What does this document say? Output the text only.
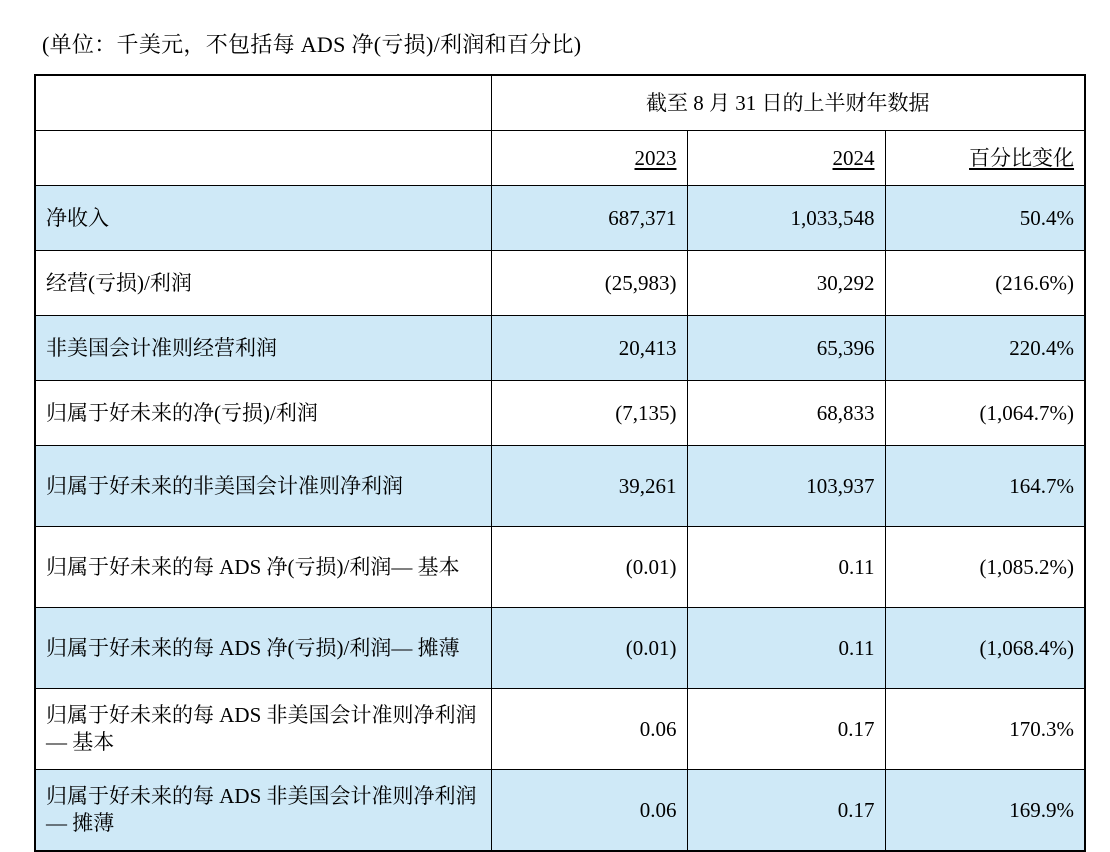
(单位：千美元，不包括每 ADS 净(亏损)/利润和百分比)
	截至 8 月 31 日的上半财年数据		
	2023	2024	百分比变化
净收入	687,371	1,033,548	50.4%
经营(亏损)/利润	(25,983)	30,292	(216.6%)
非美国会计准则经营利润	20,413	65,396	220.4%
归属于好未来的净(亏损)/利润	(7,135)	68,833	(1,064.7%)
归属于好未来的非美国会计准则净利润	39,261	103,937	164.7%
归属于好未来的每 ADS 净(亏损)/利润— 基本	(0.01)	0.11	(1,085.2%)
归属于好未来的每 ADS 净(亏损)/利润— 摊薄	(0.01)	0.11	(1,068.4%)
归属于好未来的每 ADS 非美国会计准则净利润— 基本	0.06	0.17	170.3%
归属于好未来的每 ADS 非美国会计准则净利润— 摊薄	0.06	0.17	169.9%
